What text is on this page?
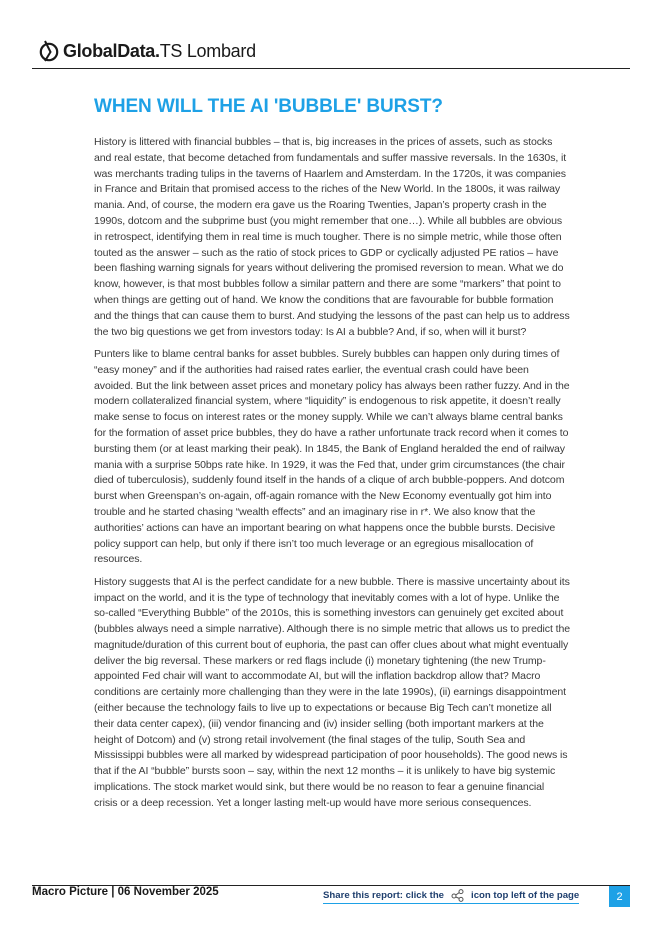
GlobalData. TS Lombard
WHEN WILL THE AI 'BUBBLE' BURST?

History is littered with financial bubbles – that is, big increases in the prices of assets, such as stocks and real estate, that become detached from fundamentals and suffer massive reversals. In the 1630s, it was merchants trading tulips in the taverns of Haarlem and Amsterdam. In the 1720s, it was companies in France and Britain that promised access to the riches of the New World. In the 1800s, it was railway mania. And, of course, the modern era gave us the Roaring Twenties, Japan’s property crash in the 1990s, dotcom and the subprime bust (you might remember that one…). While all bubbles are obvious in retrospect, identifying them in real time is much tougher. There is no simple metric, while those often touted as the answer – such as the ratio of stock prices to GDP or cyclically adjusted PE ratios – have been flashing warning signals for years without delivering the promised reversion to mean. What we do know, however, is that most bubbles follow a similar pattern and there are some “markers” that point to when things are getting out of hand. We know the conditions that are favourable for bubble formation and the things that can cause them to burst. And studying the lessons of the past can help us to address the two big questions we get from investors today: Is AI a bubble? And, if so, when will it burst?

Punters like to blame central banks for asset bubbles. Surely bubbles can happen only during times of “easy money” and if the authorities had raised rates earlier, the eventual crash could have been avoided. But the link between asset prices and monetary policy has always been rather fuzzy. And in the modern collateralized financial system, where “liquidity” is endogenous to risk appetite, it doesn’t really make sense to focus on interest rates or the money supply. While we can’t always blame central banks for the formation of asset price bubbles, they do have a rather unfortunate track record when it comes to bursting them (or at least marking their peak). In 1845, the Bank of England heralded the end of railway mania with a surprise 50bps rate hike. In 1929, it was the Fed that, under grim circumstances (the chair died of tuberculosis), suddenly found itself in the hands of a clique of arch bubble-poppers. And dotcom burst when Greenspan’s on-again, off-again romance with the New Economy eventually got him into trouble and he started chasing “wealth effects” and an imaginary rise in r*. We also know that the authorities’ actions can have an important bearing on what happens once the bubble bursts. Decisive policy support can help, but only if there isn’t too much leverage or an egregious misallocation of resources.

History suggests that AI is the perfect candidate for a new bubble. There is massive uncertainty about its impact on the world, and it is the type of technology that inevitably comes with a lot of hype. Unlike the so-called “Everything Bubble” of the 2010s, this is something investors can genuinely get excited about (bubbles always need a simple narrative). Although there is no simple metric that allows us to predict the magnitude/duration of this current bout of euphoria, the past can offer clues about what might eventually deliver the big reversal. These markers or red flags include (i) monetary tightening (the new Trump-appointed Fed chair will want to accommodate AI, but will the inflation backdrop allow that? Macro conditions are certainly more challenging than they were in the late 1990s), (ii) earnings disappointment (either because the technology fails to live up to expectations or because Big Tech can’t monetize all their data center capex), (iii) vendor financing and (iv) insider selling (both important markers at the height of Dotcom) and (v) strong retail involvement (the final stages of the tulip, South Sea and Mississippi bubbles were all marked by widespread participation of poor households). The good news is that if the AI “bubble” bursts soon – say, within the next 12 months – it is unlikely to have big systemic implications. The stock market would sink, but there would be no reason to fear a genuine financial crisis or a deep recession. Yet a longer lasting melt-up would have more serious consequences.

Macro Picture | 06 November 2025	Share this report: click the	icon top left of the page	2
